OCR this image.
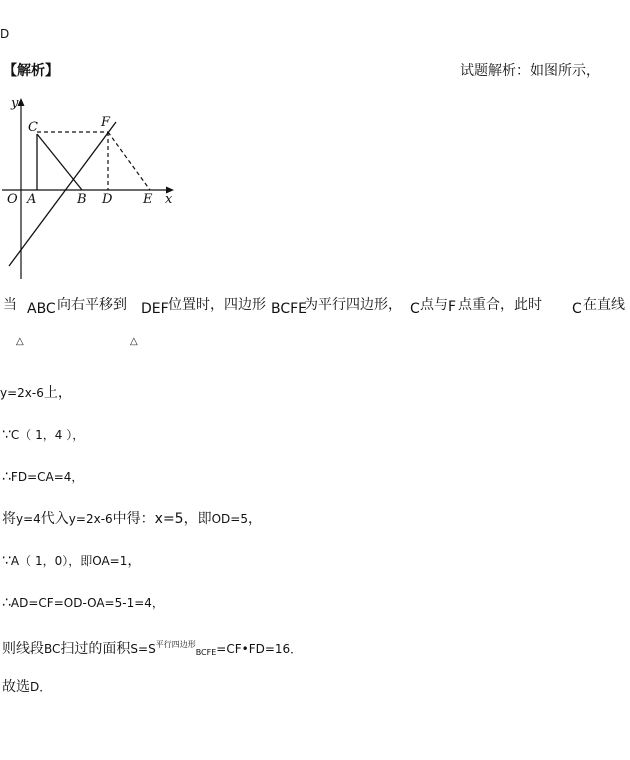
D
【解析】	试题解析：如图所示，
y
x
O A	B D E
C	F
当 ABC 向右平移到 DEF 位置时，四边形 BCFE
为平行四边形， C 点与 F 点重合，此时 C 在直线
△	△
y=2x-6上，
∵C（ 1，4 ），
∴FD=CA=4，
将y=4代入y=2x-6中得：x=5，即OD=5，
∵A（ 1，0），即OA=1，
∴AD=CF=OD-OA=5-1=4，
则线段BC扫过的面积$S=S^{平行四边形}BCFE=CF•FD=16$．
故选D．
